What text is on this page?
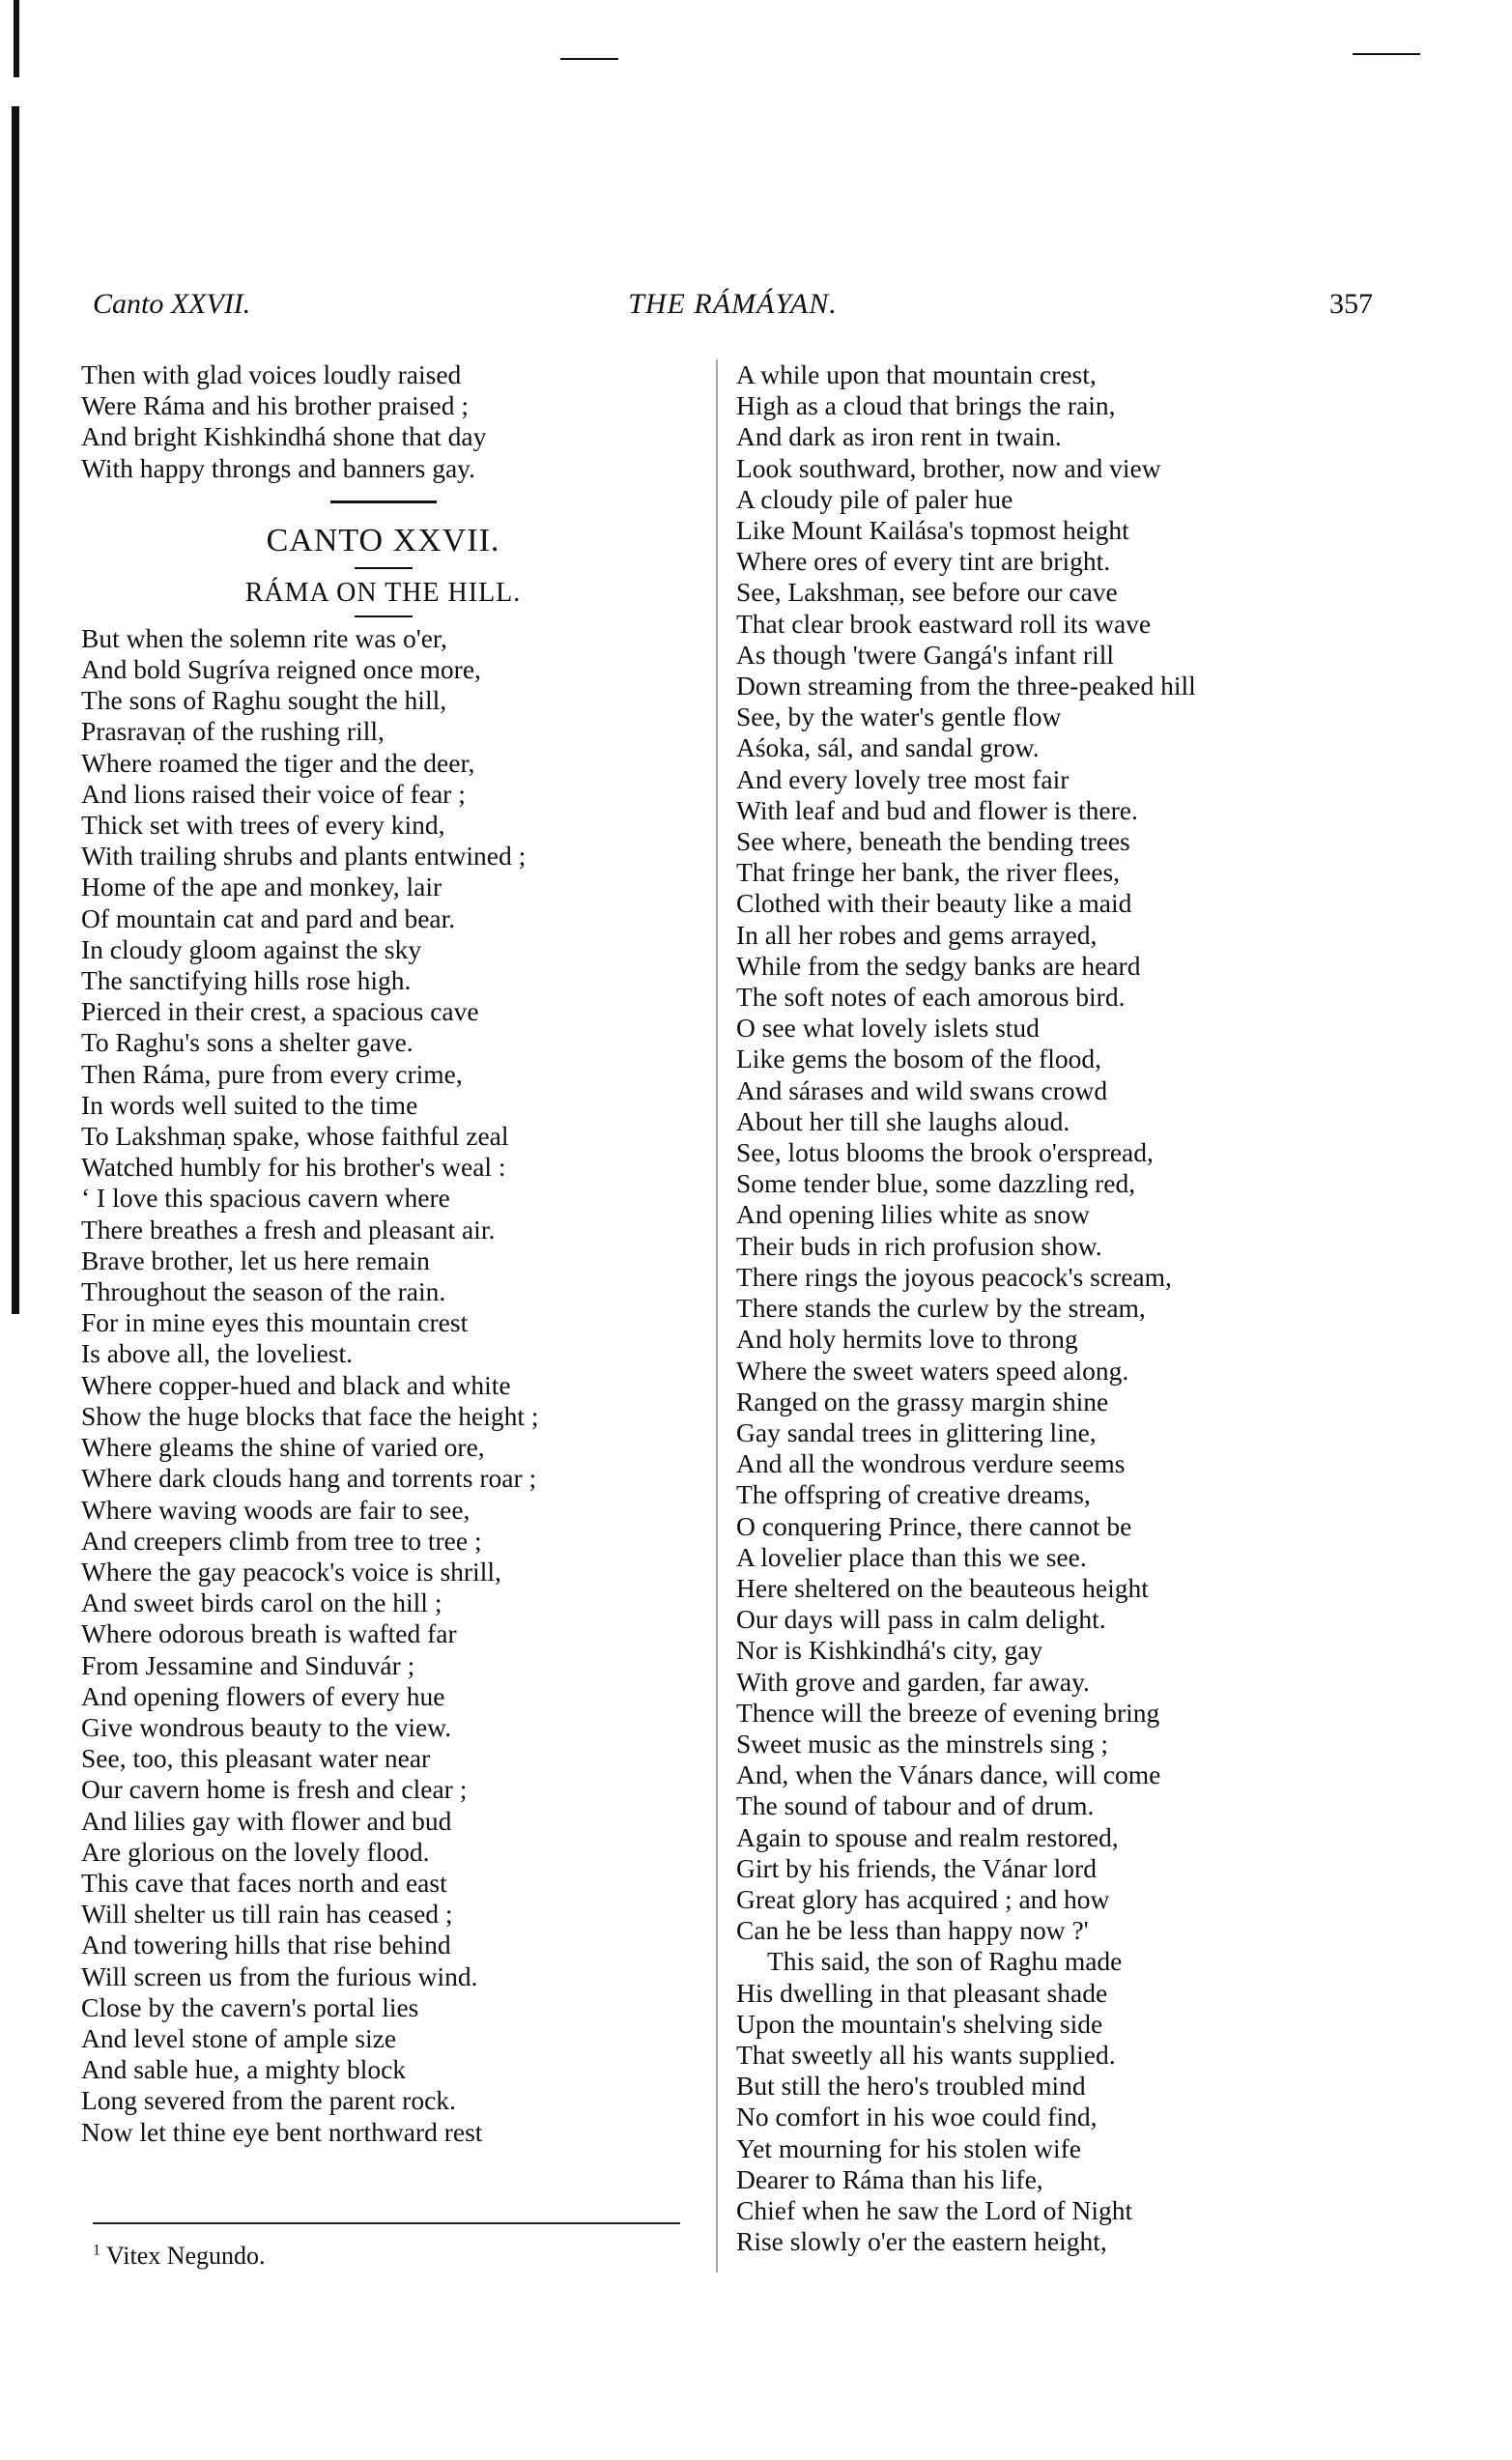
Canto XXVII.	THE RÁMÁYAN.	357
Then with glad voices loudly raised
Were Ráma and his brother praised ;
And bright Kishkindhá shone that day
With happy throngs and banners gay.
CANTO XXVII.
RÁMA ON THE HILL.
But when the solemn rite was o'er,
And bold Sugríva reigned once more,
The sons of Raghu sought the hill,
Prasravaṇ of the rushing rill,
Where roamed the tiger and the deer,
And lions raised their voice of fear ;
Thick set with trees of every kind,
With trailing shrubs and plants entwined ;
Home of the ape and monkey, lair
Of mountain cat and pard and bear.
In cloudy gloom against the sky
The sanctifying hills rose high.
Pierced in their crest, a spacious cave
To Raghu's sons a shelter gave.
Then Ráma, pure from every crime,
In words well suited to the time
To Lakshmaṇ spake, whose faithful zeal
Watched humbly for his brother's weal :
‘ I love this spacious cavern where
There breathes a fresh and pleasant air.
Brave brother, let us here remain
Throughout the season of the rain.
For in mine eyes this mountain crest
Is above all, the loveliest.
Where copper-hued and black and white
Show the huge blocks that face the height ;
Where gleams the shine of varied ore,
Where dark clouds hang and torrents roar ;
Where waving woods are fair to see,
And creepers climb from tree to tree ;
Where the gay peacock's voice is shrill,
And sweet birds carol on the hill ;
Where odorous breath is wafted far
From Jessamine and Sinduvár ;
And opening flowers of every hue
Give wondrous beauty to the view.
See, too, this pleasant water near
Our cavern home is fresh and clear ;
And lilies gay with flower and bud
Are glorious on the lovely flood.
This cave that faces north and east
Will shelter us till rain has ceased ;
And towering hills that rise behind
Will screen us from the furious wind.
Close by the cavern's portal lies
And level stone of ample size
And sable hue, a mighty block
Long severed from the parent rock.
Now let thine eye bent northward rest
A while upon that mountain crest,
High as a cloud that brings the rain,
And dark as iron rent in twain.
Look southward, brother, now and view
A cloudy pile of paler hue
Like Mount Kailása's topmost height
Where ores of every tint are bright.
See, Lakshmaṇ, see before our cave
That clear brook eastward roll its wave
As though 'twere Gangá's infant rill
Down streaming from the three-peaked hill
See, by the water's gentle flow
Aśoka, sál, and sandal grow.
And every lovely tree most fair
With leaf and bud and flower is there.
See where, beneath the bending trees
That fringe her bank, the river flees,
Clothed with their beauty like a maid
In all her robes and gems arrayed,
While from the sedgy banks are heard
The soft notes of each amorous bird.
O see what lovely islets stud
Like gems the bosom of the flood,
And sárases and wild swans crowd
About her till she laughs aloud.
See, lotus blooms the brook o'erspread,
Some tender blue, some dazzling red,
And opening lilies white as snow
Their buds in rich profusion show.
There rings the joyous peacock's scream,
There stands the curlew by the stream,
And holy hermits love to throng
Where the sweet waters speed along.
Ranged on the grassy margin shine
Gay sandal trees in glittering line,
And all the wondrous verdure seems
The offspring of creative dreams,
O conquering Prince, there cannot be
A lovelier place than this we see.
Here sheltered on the beauteous height
Our days will pass in calm delight.
Nor is Kishkindhá's city, gay
With grove and garden, far away.
Thence will the breeze of evening bring
Sweet music as the minstrels sing ;
And, when the Vánars dance, will come
The sound of tabour and of drum.
Again to spouse and realm restored,
Girt by his friends, the Vánar lord
Great glory has acquired ; and how
Can he be less than happy now ?'
This said, the son of Raghu made
His dwelling in that pleasant shade
Upon the mountain's shelving side
That sweetly all his wants supplied.
But still the hero's troubled mind
No comfort in his woe could find,
Yet mourning for his stolen wife
Dearer to Ráma than his life,
Chief when he saw the Lord of Night
Rise slowly o'er the eastern height,
$^1$ Vitex Negundo.
